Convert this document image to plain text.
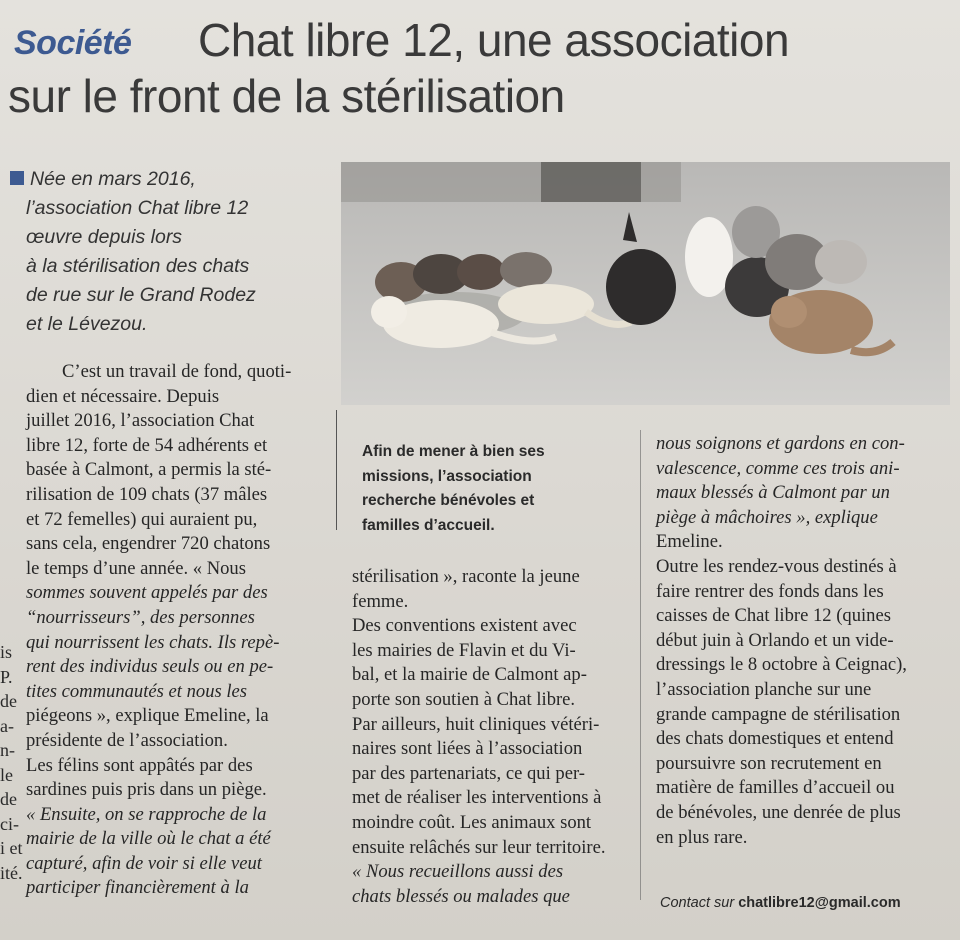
Société	Chat libre 12, une association
sur le front de la stérilisation
Née en mars 2016,
l’association Chat libre 12
œuvre depuis lors
à la stérilisation des chats
de rue sur le Grand Rodez
et le Lévezou.
Afin de mener à bien ses
missions, l’association
recherche bénévoles et
familles d’accueil.
is
P.
de
a-
n-
le
de
ci-
i et
ité.
C’est un travail de fond, quoti-
dien et nécessaire. Depuis
juillet 2016, l’association Chat
libre 12, forte de 54 adhérents et
basée à Calmont, a permis la sté-
rilisation de 109 chats (37 mâles
et 72 femelles) qui auraient pu,
sans cela, engendrer 720 chatons
le temps d’une année. « Nous
sommes souvent appelés par des
“nourrisseurs”, des personnes
qui nourrissent les chats. Ils repè-
rent des individus seuls ou en pe-
tites communautés et nous les
piégeons », explique Emeline, la
présidente de l’association.
Les félins sont appâtés par des
sardines puis pris dans un piège.
« Ensuite, on se rapproche de la
mairie de la ville où le chat a été
capturé, afin de voir si elle veut
participer financièrement à la
stérilisation », raconte la jeune
femme.
Des conventions existent avec
les mairies de Flavin et du Vi-
bal, et la mairie de Calmont ap-
porte son soutien à Chat libre.
Par ailleurs, huit cliniques vétéri-
naires sont liées à l’association
par des partenariats, ce qui per-
met de réaliser les interventions à
moindre coût. Les animaux sont
ensuite relâchés sur leur territoire.
« Nous recueillons aussi des
chats blessés ou malades que
nous soignons et gardons en con-
valescence, comme ces trois ani-
maux blessés à Calmont par un
piège à mâchoires », explique
Emeline.
Outre les rendez-vous destinés à
faire rentrer des fonds dans les
caisses de Chat libre 12 (quines
début juin à Orlando et un vide-
dressings le 8 octobre à Ceignac),
l’association planche sur une
grande campagne de stérilisation
des chats domestiques et entend
poursuivre son recrutement en
matière de familles d’accueil ou
de bénévoles, une denrée de plus
en plus rare.
Contact sur chatlibre12@gmail.com
